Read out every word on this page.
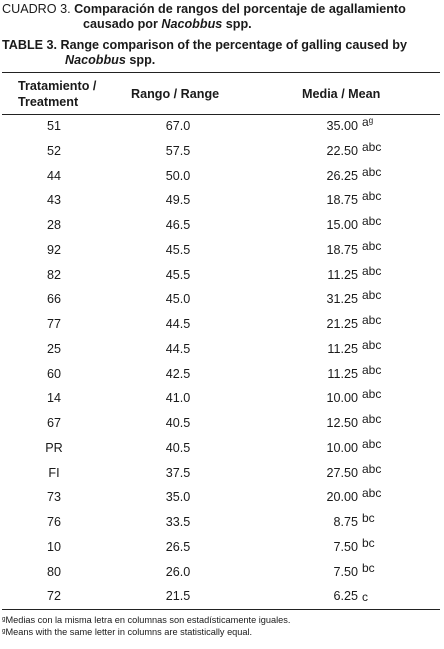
CUADRO 3. Comparación de rangos del porcentaje de agallamiento
causado por Nacobbus spp.
TABLE 3. Range comparison of the percentage of galling caused by
Nacobbus spp.
Tratamiento /
Treatment
Rango / Range	Media / Mean
51	67.0	35.00 aᵍ
52	57.5	22.50 abc
44	50.0	26.25 abc
43	49.5	18.75 abc
28	46.5	15.00 abc
92	45.5	18.75 abc
82	45.5	11.25 abc
66	45.0	31.25 abc
77	44.5	21.25 abc
25	44.5	11.25 abc
60	42.5	11.25 abc
14	41.0	10.00 abc
67	40.5	12.50 abc
PR	40.5	10.00 abc
FI	37.5	27.50 abc
73	35.0	20.00 abc
76	33.5	8.75 bc
10	26.5	7.50 bc
80	26.0	7.50 bc
72	21.5	6.25 c
ᵍMedias con la misma letra en columnas son estadísticamente iguales.
ᵍMeans with the same letter in columns are statistically equal.
